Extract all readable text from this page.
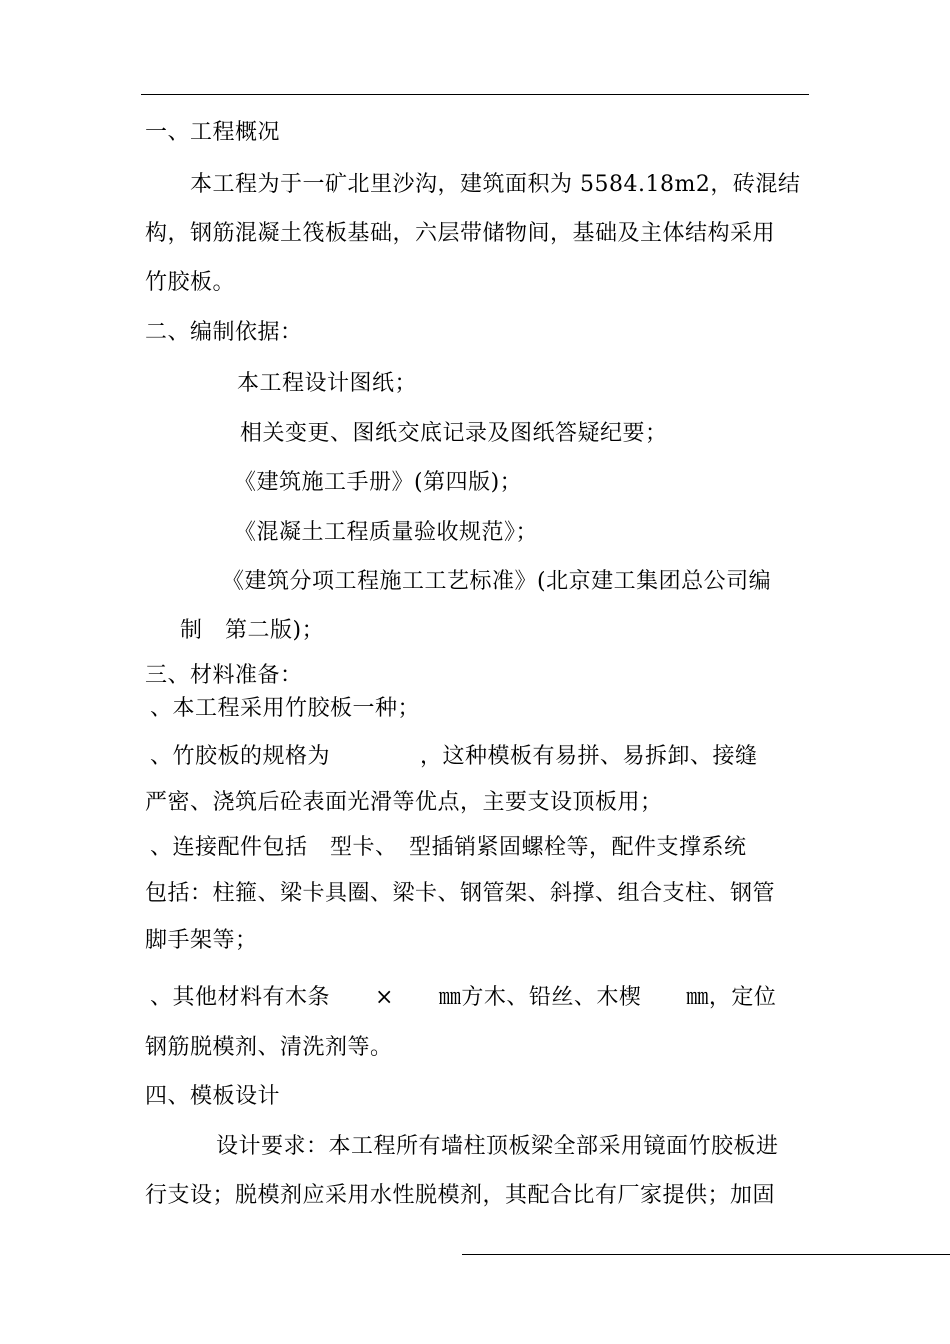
一、工程概况
本工程为于一矿北里沙沟，建筑面积为 5584.18m2，砖混结
构，钢筋混凝土筏板基础，六层带储物间，基础及主体结构采用
竹胶板。
二、编制依据：
本工程设计图纸；
相关变更、图纸交底记录及图纸答疑纪要；
《建筑施工手册》(第四版)；
《混凝土工程质量验收规范》；
《建筑分项工程施工工艺标准》(北京建工集团总公司编
制　第二版)；
三、材料准备：
、本工程采用竹胶板一种；
、竹胶板的规格为　　　　，这种模板有易拼、易拆卸、接缝
严密、浇筑后砼表面光滑等优点，主要支设顶板用；
、连接配件包括　型卡、　型插销紧固螺栓等，配件支撑系统
包括：柱箍、梁卡具圈、梁卡、钢管架、斜撑、组合支柱、钢管
脚手架等；
、其他材料有木条　　×　　㎜方木、铅丝、木楔　　㎜，定位
钢筋脱模剂、清洗剂等。
四、模板设计
设计要求：本工程所有墙柱顶板梁全部采用镜面竹胶板进
行支设；脱模剂应采用水性脱模剂，其配合比有厂家提供；加固
